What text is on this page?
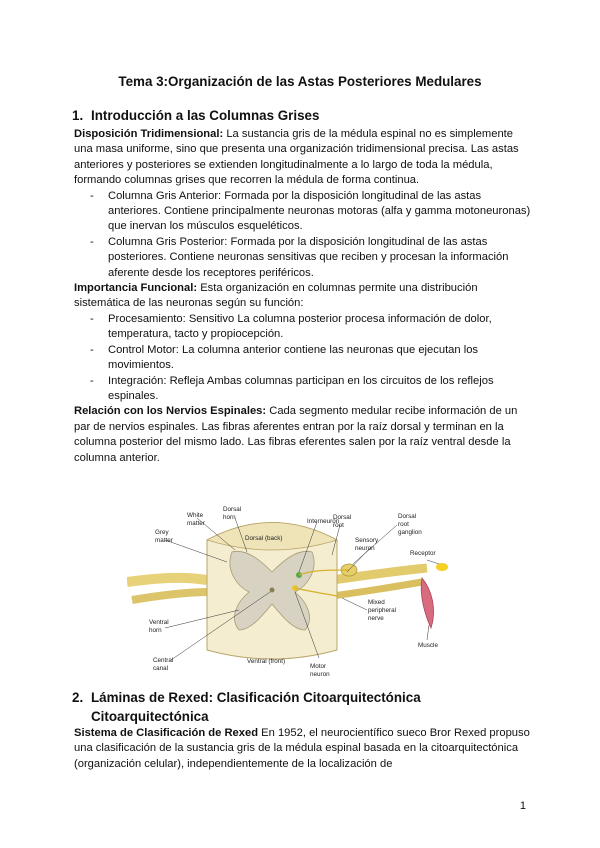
Tema 3:Organización de las Astas Posteriores Medulares
1. Introducción a las Columnas Grises

Disposición Tridimensional: La sustancia gris de la médula espinal no es simplemente una masa uniforme, sino que presenta una organización tridimensional precisa. Las astas anteriores y posteriores se extienden longitudinalmente a lo largo de toda la médula, formando columnas grises que recorren la médula de forma continua.

- Columna Gris Anterior: Formada por la disposición longitudinal de las astas anteriores. Contiene principalmente neuronas motoras (alfa y gamma motoneuronas) que inervan los músculos esqueléticos.
- Columna Gris Posterior: Formada por la disposición longitudinal de las astas posteriores. Contiene neuronas sensitivas que reciben y procesan la información aferente desde los receptores periféricos.

Importancia Funcional: Esta organización en columnas permite una distribución sistemática de las neuronas según su función:

- Procesamiento: Sensitivo La columna posterior procesa información de dolor, temperatura, tacto y propiocepción.
- Control Motor: La columna anterior contiene las neuronas que ejecutan los movimientos.
- Integración: Refleja Ambas columnas participan en los circuitos de los reflejos espinales.

Relación con los Nervios Espinales: Cada segmento medular recibe información de un par de nervios espinales. Las fibras aferentes entran por la raíz dorsal y terminan en la columna posterior del mismo lado. Las fibras eferentes salen por la raíz ventral desde la columna anterior.

Grey matter
White matter
Dorsal horn
Dorsal (back)
Interneuron
Dorsal root
Dorsal root ganglion
Sensory neuron
Receptor
Ventral horn
Mixed peripheral nerve
Muscle
Central canal
Ventral (front)
Motor neuron
2. Láminas de Rexed: Clasificación Citoarquitectónica
Citoarquitectónica

Sistema de Clasificación de Rexed En 1952, el neurocientífico sueco Bror Rexed propuso una clasificación de la sustancia gris de la médula espinal basada en la citoarquitectónica (organización celular), independientemente de la localización de

1
